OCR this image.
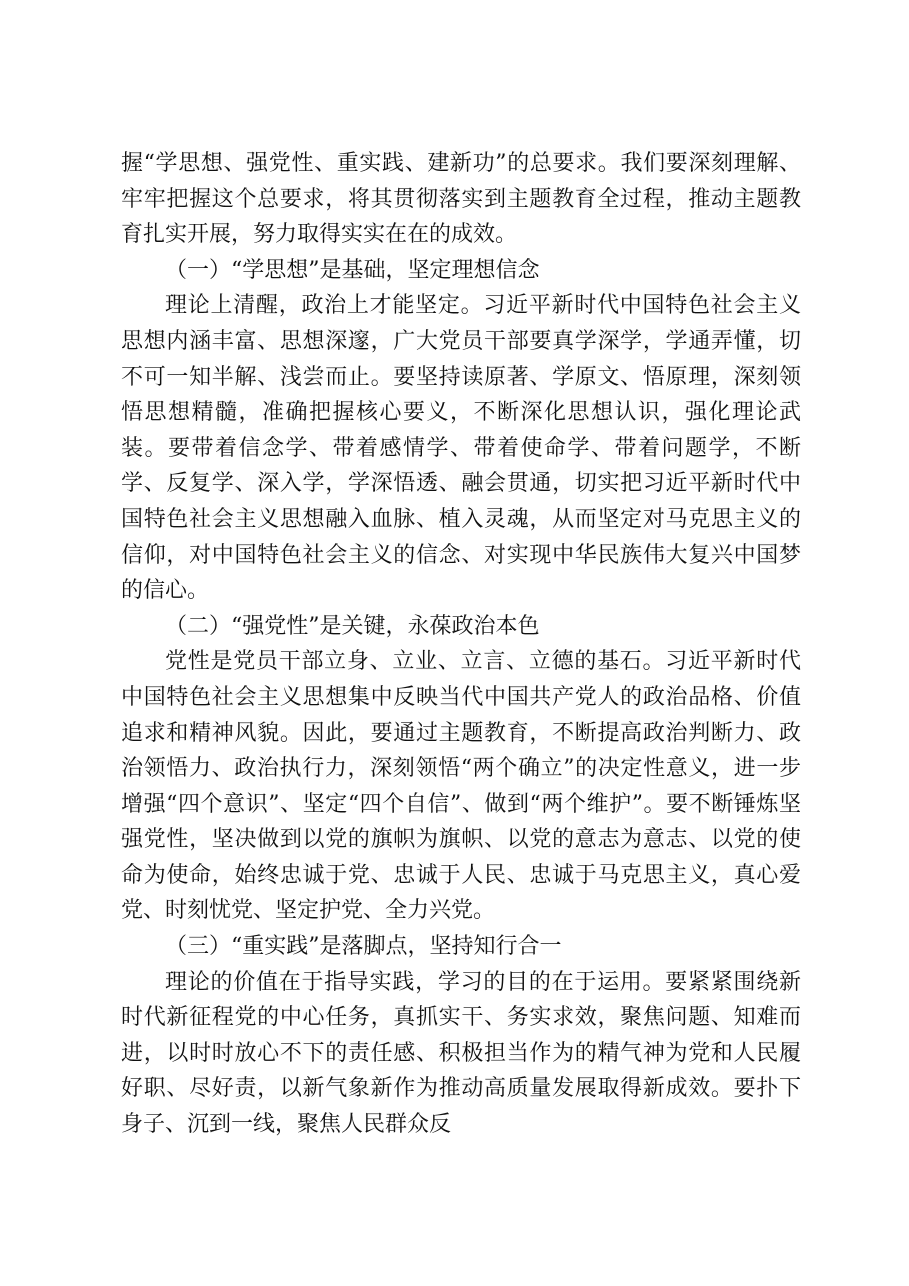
握“学思想、强党性、重实践、建新功”的总要求。我们要深刻理解、牢牢把握这个总要求，将其贯彻落实到主题教育全过程，推动主题教育扎实开展，努力取得实实在在的成效。

（一）“学思想”是基础，坚定理想信念

理论上清醒，政治上才能坚定。习近平新时代中国特色社会主义思想内涵丰富、思想深邃，广大党员干部要真学深学，学通弄懂，切不可一知半解、浅尝而止。要坚持读原著、学原文、悟原理，深刻领悟思想精髓，准确把握核心要义，不断深化思想认识，强化理论武装。要带着信念学、带着感情学、带着使命学、带着问题学，不断学、反复学、深入学，学深悟透、融会贯通，切实把习近平新时代中国特色社会主义思想融入血脉、植入灵魂，从而坚定对马克思主义的信仰，对中国特色社会主义的信念、对实现中华民族伟大复兴中国梦的信心。

（二）“强党性”是关键，永葆政治本色

党性是党员干部立身、立业、立言、立德的基石。习近平新时代中国特色社会主义思想集中反映当代中国共产党人的政治品格、价值追求和精神风貌。因此，要通过主题教育，不断提高政治判断力、政治领悟力、政治执行力，深刻领悟“两个确立”的决定性意义，进一步增强“四个意识”、坚定“四个自信”、做到“两个维护”。要不断锤炼坚强党性，坚决做到以党的旗帜为旗帜、以党的意志为意志、以党的使命为使命，始终忠诚于党、忠诚于人民、忠诚于马克思主义，真心爱党、时刻忧党、坚定护党、全力兴党。

（三）“重实践”是落脚点，坚持知行合一

理论的价值在于指导实践，学习的目的在于运用。要紧紧围绕新时代新征程党的中心任务，真抓实干、务实求效，聚焦问题、知难而进，以时时放心不下的责任感、积极担当作为的精气神为党和人民履好职、尽好责，以新气象新作为推动高质量发展取得新成效。要扑下身子、沉到一线，聚焦人民群众反
